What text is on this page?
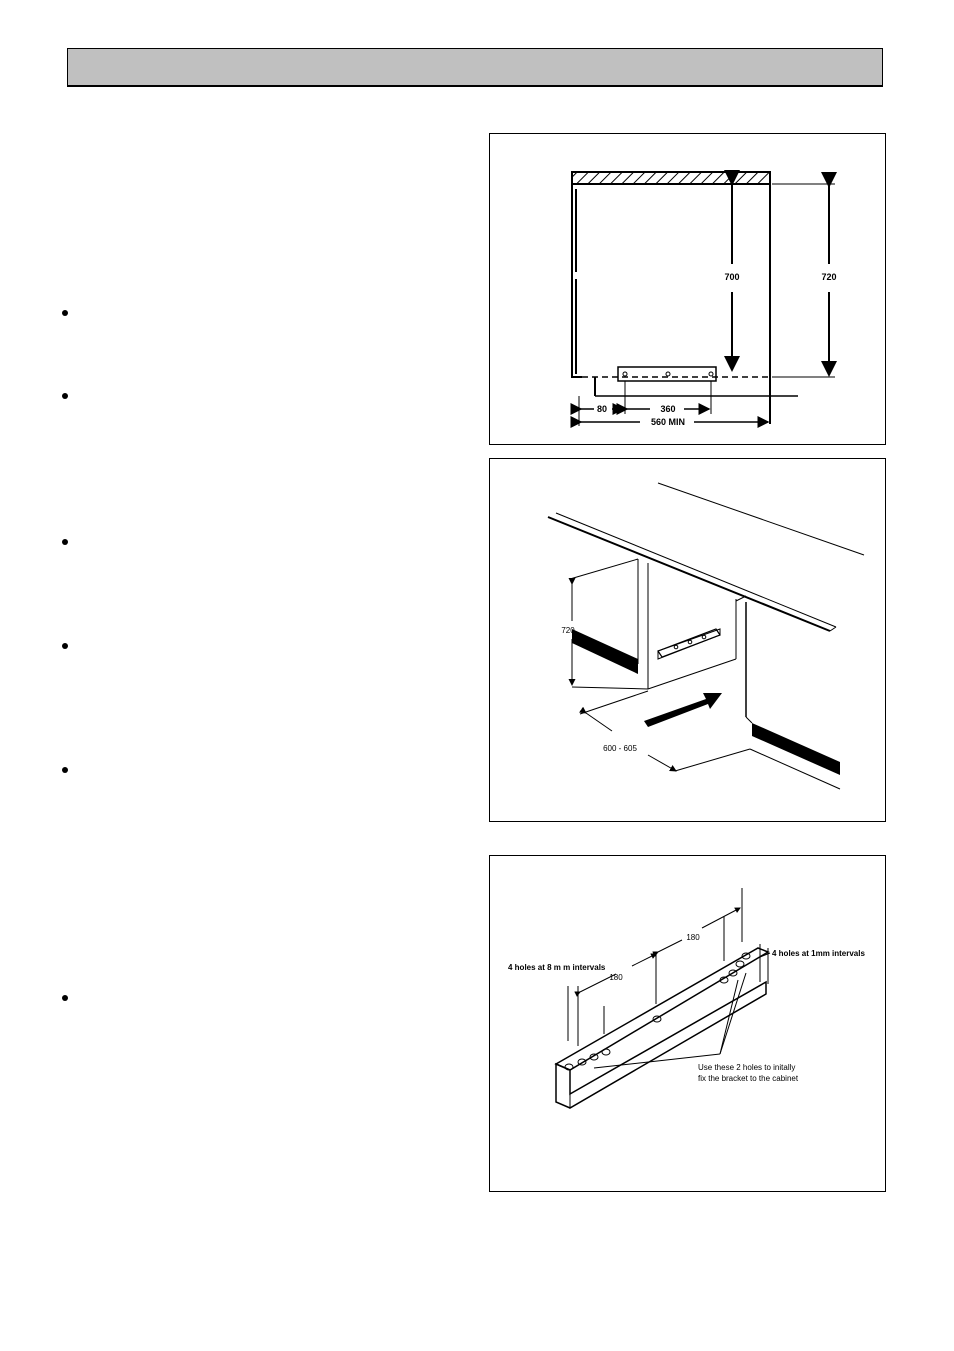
700	720
80	360
560 MIN
720
600 - 605
180
180
4 holes at 8 m m intervals
4 holes at 1mm intervals
Use these 2 holes to initally
fix the bracket to the cabinet
